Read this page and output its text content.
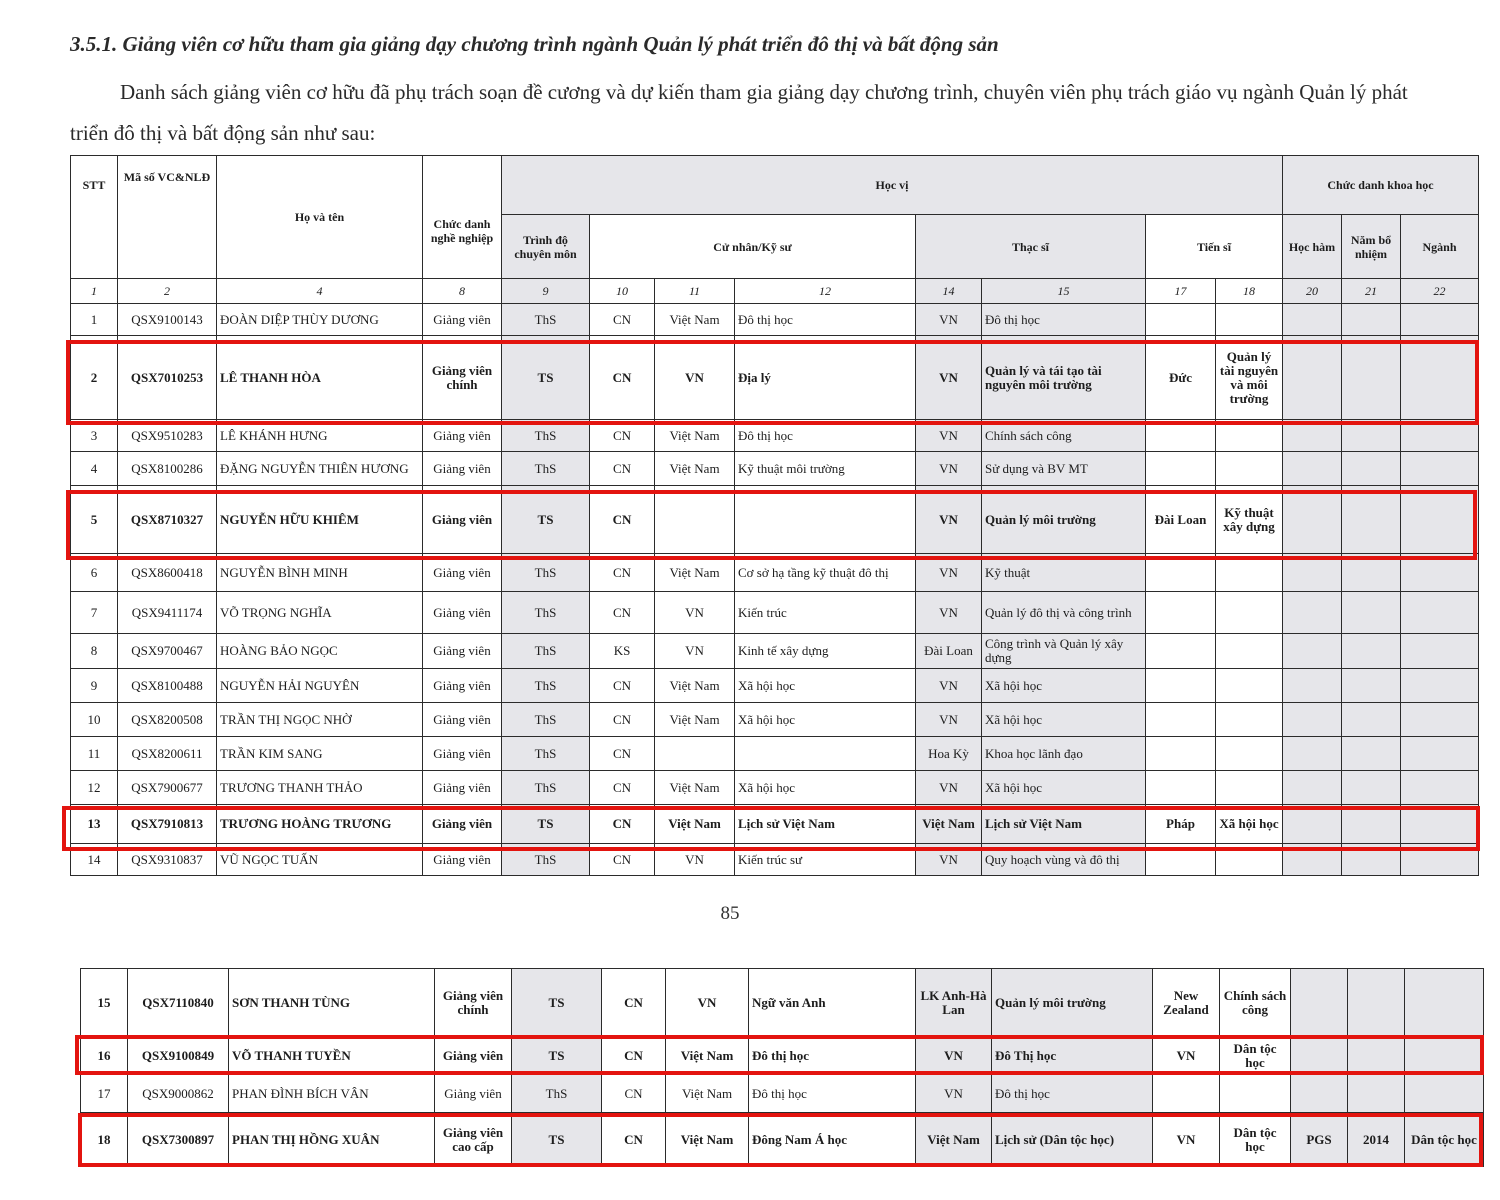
3.5.1. Giảng viên cơ hữu tham gia giảng dạy chương trình ngành Quản lý phát triển đô thị và bất động sản
Danh sách giảng viên cơ hữu đã phụ trách soạn đề cương và dự kiến tham gia giảng dạy chương trình, chuyên viên phụ trách giáo vụ ngành Quản lý phát triển đô thị và bất động sản như sau:
STT	Mã số VC&NLĐ	Họ và tên	Chức danh nghề nghiệp	Học vị								Chức danh khoa học		
				Trình độ chuyên môn	Cử nhân/Kỹ sư			Thạc sĩ		Tiến sĩ		Học hàm	Năm bổ nhiệm	Ngành
1	2	4	8	9	10	11	12	14	15	17	18	20	21	22
1	QSX9100143	ĐOÀN DIỆP THÙY DƯƠNG	Giảng viên	ThS	CN	Việt Nam	Đô thị học	VN	Đô thị học					
2	QSX7010253	LÊ THANH HÒA	Giảng viên chính	TS	CN	VN	Địa lý	VN	Quản lý và tái tạo tài nguyên môi trường	Đức	Quản lý tài nguyên và môi trường			
3	QSX9510283	LÊ KHÁNH HƯNG	Giảng viên	ThS	CN	Việt Nam	Đô thị học	VN	Chính sách công					
4	QSX8100286	ĐẶNG NGUYỄN THIÊN HƯƠNG	Giảng viên	ThS	CN	Việt Nam	Kỹ thuật môi trường	VN	Sử dụng và BV MT					
5	QSX8710327	NGUYỄN HỮU KHIÊM	Giảng viên	TS	CN			VN	Quản lý môi trường	Đài Loan	Kỹ thuật xây dựng			
6	QSX8600418	NGUYỄN BÌNH MINH	Giảng viên	ThS	CN	Việt Nam	Cơ sở hạ tầng kỹ thuật đô thị	VN	Kỹ thuật					
7	QSX9411174	VÕ TRỌNG NGHĨA	Giảng viên	ThS	CN	VN	Kiến trúc	VN	Quản lý đô thị và công trình					
8	QSX9700467	HOÀNG BẢO NGỌC	Giảng viên	ThS	KS	VN	Kinh tế xây dựng	Đài Loan	Công trình và Quản lý xây dựng					
9	QSX8100488	NGUYỄN HẢI NGUYÊN	Giảng viên	ThS	CN	Việt Nam	Xã hội học	VN	Xã hội học					
10	QSX8200508	TRẦN THỊ NGỌC NHỜ	Giảng viên	ThS	CN	Việt Nam	Xã hội học	VN	Xã hội học					
11	QSX8200611	TRẦN KIM SANG	Giảng viên	ThS	CN			Hoa Kỳ	Khoa học lãnh đạo					
12	QSX7900677	TRƯƠNG THANH THẢO	Giảng viên	ThS	CN	Việt Nam	Xã hội học	VN	Xã hội học					
13	QSX7910813	TRƯƠNG HOÀNG TRƯƠNG	Giảng viên	TS	CN	Việt Nam	Lịch sử Việt Nam	Việt Nam	Lịch sử Việt Nam	Pháp	Xã hội học			
14	QSX9310837	VŨ NGỌC TUẤN	Giảng viên	ThS	CN	VN	Kiến trúc sư	VN	Quy hoạch vùng và đô thị					
85
15	QSX7110840	SƠN THANH TÙNG	Giảng viên chính	TS	CN	VN	Ngữ văn Anh	LK Anh-Hà Lan	Quản lý môi trường	New Zealand	Chính sách công			
16	QSX9100849	VÕ THANH TUYỀN	Giảng viên	TS	CN	Việt Nam	Đô thị học	VN	Đô Thị học	VN	Dân tộc học			
17	QSX9000862	PHAN ĐÌNH BÍCH VÂN	Giảng viên	ThS	CN	Việt Nam	Đô thị học	VN	Đô thị học					
18	QSX7300897	PHAN THỊ HỒNG XUÂN	Giảng viên cao cấp	TS	CN	Việt Nam	Đông Nam Á học	Việt Nam	Lịch sử (Dân tộc học)	VN	Dân tộc học	PGS	2014	Dân tộc học
